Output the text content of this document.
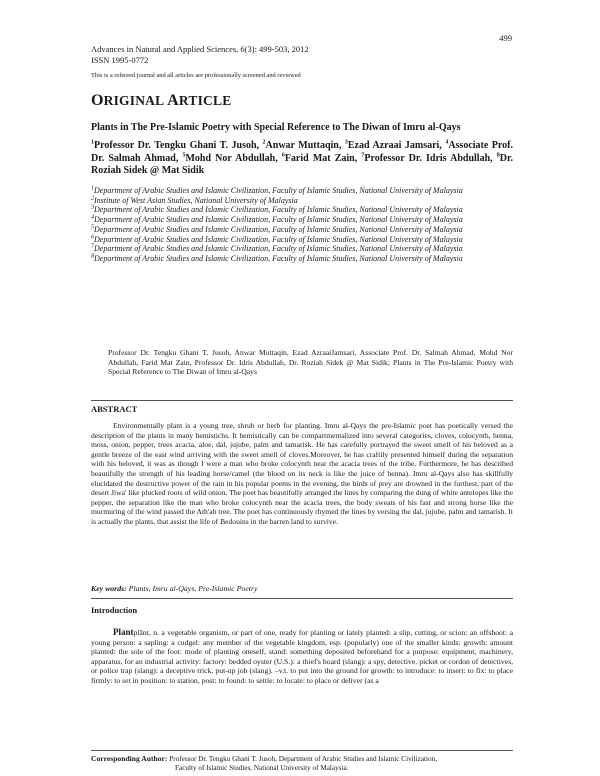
499
Advances in Natural and Applied Sciences, 6(3): 499-503, 2012
ISSN 1995-0772
This is a refereed journal and all articles are professionally screened and reviewed
ORIGINAL ARTICLE
Plants in The Pre-Islamic Poetry with Special Reference to The Diwan of Imru al-Qays
$^1$Professor Dr. Tengku Ghani T. Jusoh, $^2$Anwar Muttaqin, $^3$Ezad Azraai Jamsari, $^4$Associate Prof. Dr. Salmah Ahmad, $^5$Mohd Nor Abdullah, $^6$Farid Mat Zain, $^7$Professor Dr. Idris Abdullah, $^8$Dr. Roziah Sidek @ Mat Sidik
$^1$Department of Arabic Studies and Islamic Civilization, Faculty of Islamic Studies, National University of Malaysia
$^2$Institute of West Asian Studies, National University of Malaysia
$^3$Department of Arabic Studies and Islamic Civilization, Faculty of Islamic Studies, National University of Malaysia
$^4$Department of Arabic Studies and Islamic Civilization, Faculty of Islamic Studies, National University of Malaysia
$^5$Department of Arabic Studies and Islamic Civilization, Faculty of Islamic Studies, National University of Malaysia
$^6$Department of Arabic Studies and Islamic Civilization, Faculty of Islamic Studies, National University of Malaysia
$^7$Department of Arabic Studies and Islamic Civilization, Faculty of Islamic Studies, National University of Malaysia
$^8$Department of Arabic Studies and Islamic Civilization, Faculty of Islamic Studies, National University of Malaysia
Professor Dr. Tengku Ghani T. Jusoh, Anwar Muttaqin, Ezad AzraaiJamsari, Associate Prof. Dr. Salmah Ahmad, Mohd Nor Abdullah, Farid Mat Zain, Professor Dr. Idris Abdullah, Dr. Roziah Sidek @ Mat Sidik; Plants in The Pre-Islamic Poetry with Special Reference to The Diwan of Imru al-Qays
ABSTRACT
Environmentally plant is a young tree, shrub or herb for planting. Imru al-Qays the pre-Islamic poet has poetically versed the description of the plants in many hemistichs. It hemistically can be compartmentalized into several categories, cloves, colocynth, henna, moss, onion, pepper, trees acacia, aloe, dal, jujube, palm and tamarisk. He has carefully portrayed the sweet smell of his beloved as a gentle breeze of the east wind arriving with the sweet smell of cloves.Moreover, he has craftily presented himself during the separation with his beloved, it was as though I were a man who broke colocynth near the acacia trees of the tribe. Furthermore, he has described beautifully the strength of his leading horse/camel (the blood on its neck is like the juice of henna). Imru al-Qays also has skillfully elucidated the destructive power of the rain in his popular poems in the evening, the birds of prey are drowned in the furthest, part of the desert Jiwa' like plucked roots of wild onion. The poet has beautifully arranged the lines by comparing the dung of white antelopes like the pepper, the separation like the man who broke colocynth near the acacia trees, the body sweats of his fast and strong horse like the murmuring of the wind passed the Ath'ab tree. The poet has continuously rhymed the lines by versing the dal, jujube, palm and tamarish. It is actually the plants, that assist the life of Bedouins in the barren land to survive.
Key words: Plants, Imru al-Qays, Pre-Islamic Poetry
Introduction
Plantplānt, n. a vegetable organism, or part of one, ready for planting or lately planted: a slip, cutting, or scion: an offshoot: a young person: a sapling: a cudgel: any member of the vegetable kingdom, esp. (popularly) one of the smaller kinds: growth: amount planted: the sole of the foot: mode of planting oneself, stand: something deposited beforehand for a purpose: equipment, machinery, apparatus, for an industrial activity: factory: bedded oyster (U.S.): a thief's hoard (slang): a spy, detective, picket or cordon of detectives, or police trap (slang): a deceptive trick, put-up job (slang). –v.t. to put into the ground for growth: to introduce: to insert: to fix: to place firmly: to set in position: to station, post: to found: to settle: to locate: to place or deliver (as a
Corresponding Author: Professor Dr. Tengku Ghani T. Jusoh, Department of Arabic Studies and Islamic Civilization,
Faculty of Islamic Studies, National University of Malaysia.
